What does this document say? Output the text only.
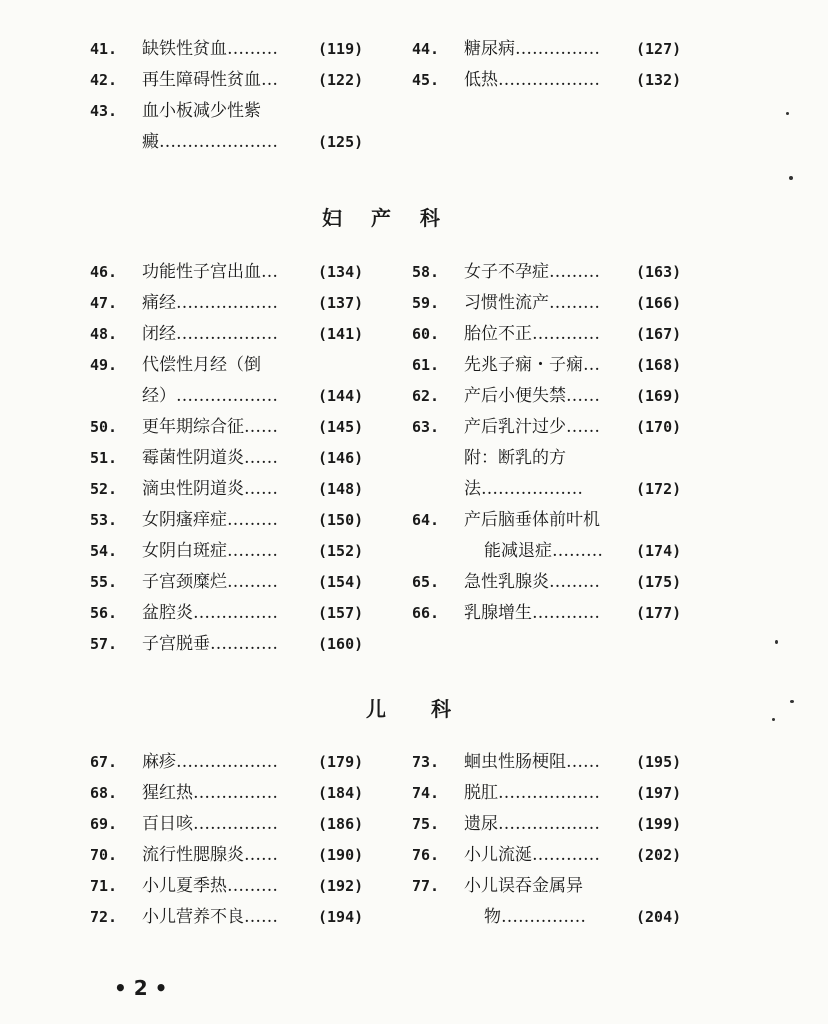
41.	缺铁性贫血………	(119)
42.	再生障碍性贫血…	(122)
43.	血小板减少性紫
癜…………………	(125)
44.	糖尿病…………… (127)
45.	低热……………… (132)
妇 产 科
46.	功能性子宫出血…	(134)
47.	痛经………………	(137)
48.	闭经………………	(141)
49.	代偿性月经（倒
经）………………	(144)
50.	更年期综合征……	(145)
51.	霉菌性阴道炎……	(146)
52.	滴虫性阴道炎……	(148)
53.	女阴瘙痒症………	(150)
54.	女阴白斑症………	(152)
55.	子宫颈糜烂………	(154)
56.	盆腔炎……………	(157)
57.	子宫脱垂…………	(160)
58.	女子不孕症……… (163)
59.	习惯性流产……… (166)
60.	胎位不正………… (167)
61.	先兆子痫・子痫… (168)
62.	产后小便失禁…… (169)
63.	产后乳汁过少…… (170)
附：断乳的方
法………………	(172)
64.	产后脑垂体前叶机
能减退症……… (174)
65.	急性乳腺炎……… (175)
66.	乳腺增生………… (177)
儿 科
67.	麻疹………………	(179)
68.	猩红热……………	(184)
69.	百日咳……………	(186)
70.	流行性腮腺炎……	(190)
71.	小儿夏季热………	(192)
72.	小儿营养不良……	(194)
73.	蛔虫性肠梗阻…… (195)
74.	脱肛……………… (197)
75.	遗尿……………… (199)
76.	小儿流涎………… (202)
77.	小儿误吞金属异
物……………	(204)
• 2 •
